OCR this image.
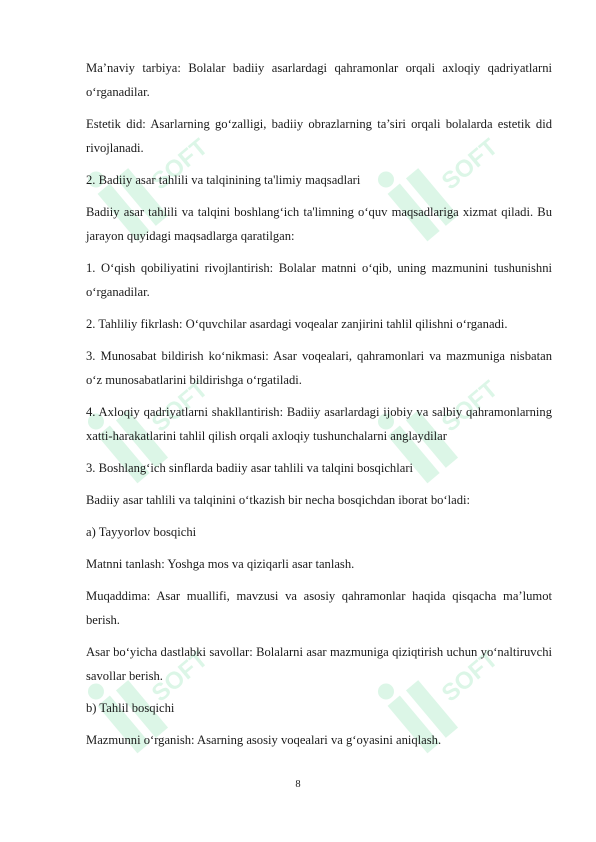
SOFT	SOFT
SOFT	SOFT
SOFT	SOFT

Ma’naviy tarbiya: Bolalar badiiy asarlardagi qahramonlar orqali axloqiy qadriyatlarni o‘rganadilar.

Estetik did: Asarlarning go‘zalligi, badiiy obrazlarning ta’siri orqali bolalarda estetik did rivojlanadi.

2. Badiiy asar tahlili va talqinining ta'limiy maqsadlari

Badiiy asar tahlili va talqini boshlang‘ich ta'limning o‘quv maqsadlariga xizmat qiladi. Bu jarayon quyidagi maqsadlarga qaratilgan:

1. O‘qish qobiliyatini rivojlantirish: Bolalar matnni o‘qib, uning mazmunini tushunishni o‘rganadilar.

2. Tahliliy fikrlash: O‘quvchilar asardagi voqealar zanjirini tahlil qilishni o‘rganadi.

3. Munosabat bildirish ko‘nikmasi: Asar voqealari, qahramonlari va mazmuniga nisbatan o‘z munosabatlarini bildirishga o‘rgatiladi.

4. Axloqiy qadriyatlarni shakllantirish: Badiiy asarlardagi ijobiy va salbiy qahramonlarning xatti-harakatlarini tahlil qilish orqali axloqiy tushunchalarni anglaydilar

3. Boshlang‘ich sinflarda badiiy asar tahlili va talqini bosqichlari

Badiiy asar tahlili va talqinini o‘tkazish bir necha bosqichdan iborat bo‘ladi:

a) Tayyorlov bosqichi

Matnni tanlash: Yoshga mos va qiziqarli asar tanlash.

Muqaddima: Asar muallifi, mavzusi va asosiy qahramonlar haqida qisqacha ma’lumot berish.

Asar bo‘yicha dastlabki savollar: Bolalarni asar mazmuniga qiziqtirish uchun yo‘naltiruvchi savollar berish.

b) Tahlil bosqichi

Mazmunni o‘rganish: Asarning asosiy voqealari va g‘oyasini aniqlash.

8
